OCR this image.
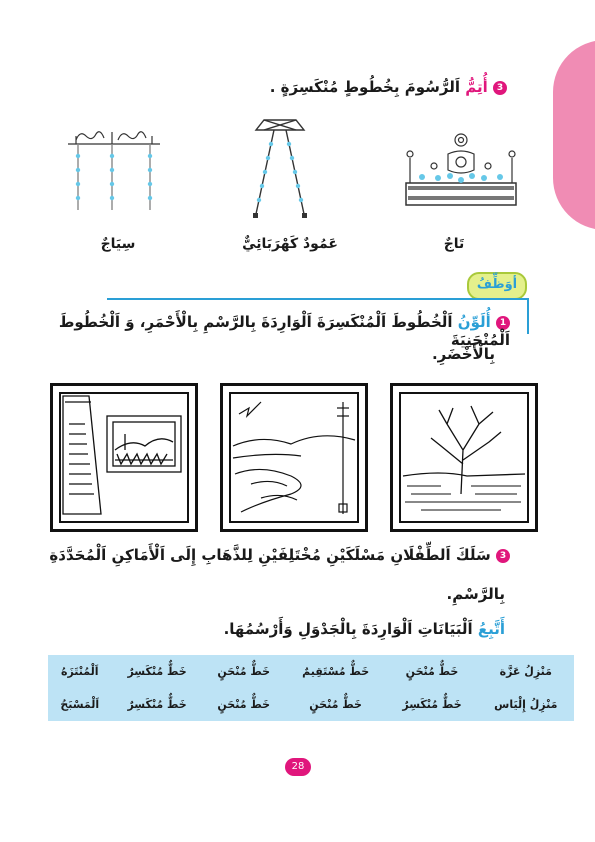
3 أُتِمُّ اَلرُّسُومَ بِخُطُوطٍ مُنْكَسِرَةٍ .
تَاجٌ
عَمُودٌ كَهْرَبَائِيٌّ
سِيَاجٌ
أوَظِّفُ
1 أُلَوِّنُ اَلْخُطُوطَ اَلْمُنْكَسِرَةَ اَلْوَارِدَةَ بِالرَّسْمِ بِالْأَحْمَرِ، وَ اَلْخُطُوطَ اَلْمُنْحَنِيَةَ
بِالْأَخْضَرِ.
3 سَلَكَ اَلطِّفْلَانِ مَسْلَكَيْنِ مُخْتَلِفَيْنِ لِلذَّهَابِ إِلَى اَلْأَمَاكِنِ اَلْمُحَدَّدَةِ
بِالرَّسْمِ.
أَتَّبِعُ اَلْبَيَانَاتِ اَلْوَارِدَةَ بِالْجَدْوَلِ وَأَرْسُمُهَا.
مَنْزِلُ عَزَّة	خَطٌّ مُنْحَنٍ	خَطٌّ مُسْتَقِيمٌ	خَطٌّ مُنْحَنٍ	خَطٌّ مُنْكَسِرٌ	اَلْمُنْتَزَهُ
مَنْزِلُ إِلْيَاس	خَطٌّ مُنْكَسِرٌ	خَطٌّ مُنْحَنٍ	خَطٌّ مُنْحَنٍ	خَطٌّ مُنْكَسِرٌ	اَلْمَسْبَحُ
28
